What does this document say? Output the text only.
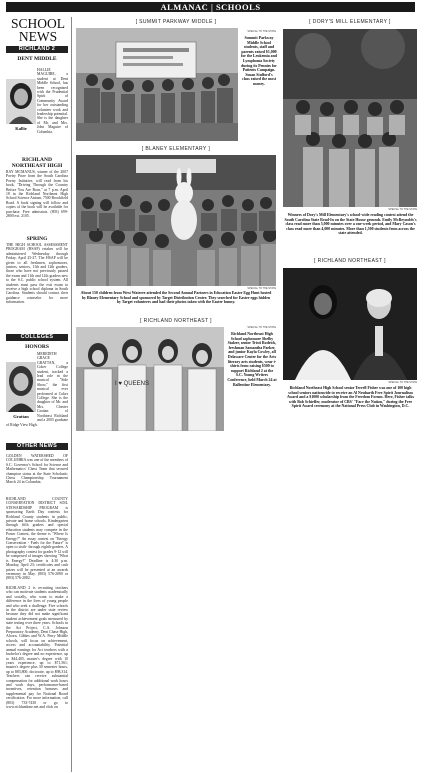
ALMANAC | SCHOOLS
SCHOOL
NEWS
RICHLAND 2
DENT MIDDLE
Kallie
HALLIE MAGUIRE, a student at Dent Middle School, has been recognized with the Prudential Spirit of Community Award for her outstanding volunteer work and leadership potential. She is the daughter of Mr. and Mrs. John Maguire of Columbia.
RICHLAND NORTHEAST HIGH
RAY MCMANUS, winner of the 2007 Poetry Prize from the South Carolina Poetry Initiative, will read from his book, "Driving Through the Country Before You Are Born," at 7 p.m. April 18 in the Richland Northeast High School Science Atrium, 7500 Brookfield Road. A book signing will follow and copies of the book will be available for purchase. Free admission. (803) 699-2800 ext. 2105.
SPRING
THE HIGH SCHOOL ASSESSMENT PROGRAM (HSAP) retakes will be administered Wednesday through Friday, April 25-27. The HSAP will be given to all freshmen, sophomores, juniors, seniors, 11th and 12th graders, those who have not previously passed the exam and 11th and 12th graders new to the S.C. public school system. All students must pass the exit exam to receive a high school diploma in South Carolina. Students should contact their guidance counselor for more information.
COLLEGES
HONORS
Grattan
MEREDITH GRACE GRATTAN, a Coker College student, tracked a lead role in the musical "Side Show," the first musical ever performed at Coker College. She is the daughter of Mr. and Mrs. Chester Grattan of Northeast Richland and a 2005 graduate of Ridge View High.
OTHER NEWS
GOLDEN WATERSHED OF COLUMBIA was one of the members of S.C. Governor's School for Science and Mathematics' Chess Team that secured champion status at the State Scholastic Chess Championship Tournament March 24 in Columbia.
RICHLAND COUNTY CONSERVATION DISTRICT SOIL STEWARDSHIP PROGRAM is sponsoring Earth Day contests for Richland County students in public, private and home schools. Kindergarten through fifth graders and special education students may compete in the Poster Contest, the theme is "Where Is Energy?" An essay contest on "Energy Conservation - Fuels for the Future" is open to sixth- through eighth-graders. A photography contest for grades 9-12 will be comprised of images showing "What is Energy?" Deadline is 4:30 p.m. Monday, April 23; certificates and cash prizes will be presented at an awards ceremony in May. (803) 576-2080 or (803) 576-2082.
RICHLAND 2 is recruiting teachers who can motivate students academically and socially, who want to make a difference in the lives of young people and who seek a challenge. Five schools in the district are under state review because they did not make significant student achievement goals measured by state testing over three years. Schools in the Act Project, C.A. Johnson Preparatory Academy, Dent Chase High, Alcorn, Gibbes and W.A. Perry Middle schools, will focus on achievement, access and accountability. Potential annual earnings for Act teachers with a bachelor's degree and no experience, up to $44,405, master's degree with 10 years experience, up to $71,561; master's degree plus 30 semester hours, up to $83,800; doctorate, up to $98,314. Teachers can receive substantial compensation for additional work hours and work days, performance-based incentives, retention bonuses and supplemental pay for National Board certification. For more information, call (803) 733-7430 or go to www.richlandone.net and click on
[ SUMMIT PARKWAY MIDDLE ]
SPECIAL TO THE STATE
Summit Parkway Middle School students, staff and parents raised $1,000 for the Leukemia and Lymphoma Society during its Pennies for Patients Campaign. Susan Stafford's class raised the most money.
[ BLANEY ELEMENTARY ]
SPECIAL TO THE STATE
About 150 children from West Wateree attended the Second Annual Partners in Education Easter Egg Hunt hosted by Blaney Elementary School and sponsored by Target Distribution Center. They searched for Easter eggs hidden by Target volunteers and had their photos taken with the Easter bunny.
[ RICHLAND NORTHEAST ]
I ♥ QUEENS
SPECIAL TO THE STATE
Richland Northeast High School sophomore Shelby Stalzer, senior Tristi Rodrick, freshman Samantha Parker, and junior Kayla Cowley, all Delaware Center for the Arts literary arts students, wear t-shirts from raising $500 to support Richland 2 at the S.C. Young Writers Conference, held March 24 at Ballentine Elementary.
[ DORY'S MILL ELEMENTARY ]
SPECIAL TO THE STATE
Winners of Dory's Mill Elementary's school-wide reading contest attend the South Carolina State Read-In on the State House grounds. Emily McReynolds's class read more than 5,000 minutes over a one-week period, and Mary Cason's class read more than 4,000 minutes. More than 1,500 students from across the state attended.
[ RICHLAND NORTHEAST ]
SPECIAL TO THE STATE
Richland Northeast High School senior Terrell Fisher was one of 100 high school seniors nationwide to receive an Al Neuharth Free Spirit Journalism Award and a $1000 scholarship from the Freedom Forum. Here, Fisher talks with Bob Schieffer, moderator of CBS' "Face the Nation," during the Free Spirit Award ceremony at the National Press Club in Washington, D.C.
